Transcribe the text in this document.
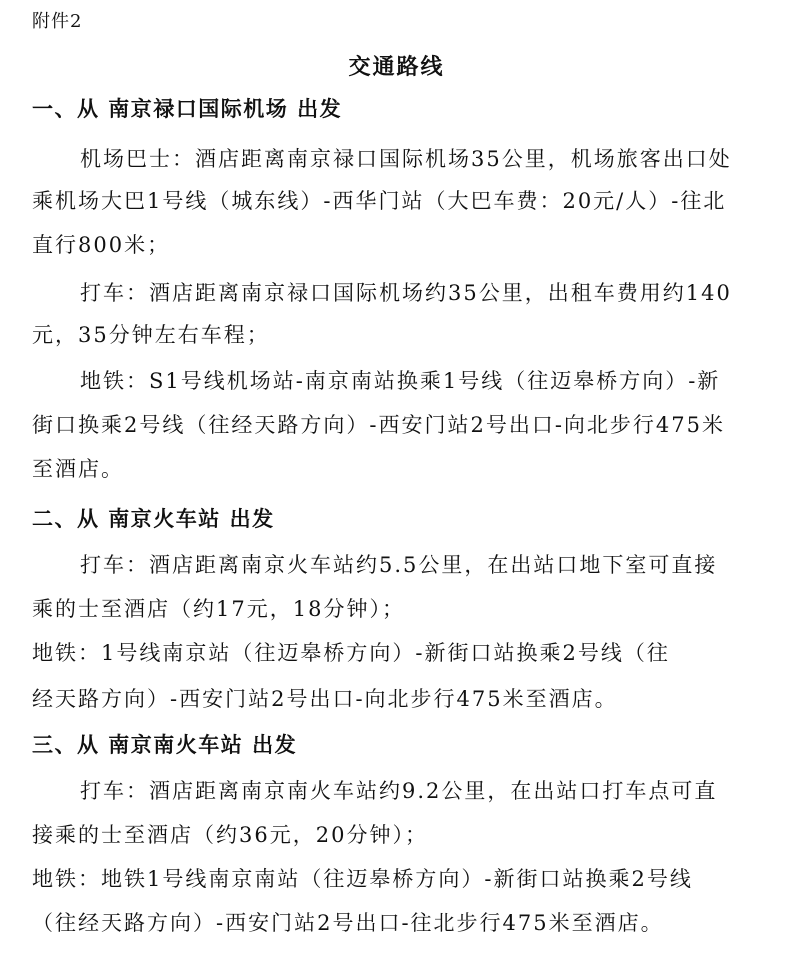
附件2
交通路线
一、从 南京禄口国际机场 出发
机场巴士：酒店距离南京禄口国际机场35公里，机场旅客出口处
乘机场大巴1号线（城东线）-西华门站（大巴车费：20元/人）-往北
直行800米；
打车：酒店距离南京禄口国际机场约35公里，出租车费用约140
元，35分钟左右车程；
地铁：S1号线机场站-南京南站换乘1号线（往迈皋桥方向）-新
街口换乘2号线（往经天路方向）-西安门站2号出口-向北步行475米
至酒店。
二、从 南京火车站 出发
打车：酒店距离南京火车站约5.5公里，在出站口地下室可直接
乘的士至酒店（约17元，18分钟）；
地铁：1号线南京站（往迈皋桥方向）-新街口站换乘2号线（往
经天路方向）-西安门站2号出口-向北步行475米至酒店。
三、从 南京南火车站 出发
打车：酒店距离南京南火车站约9.2公里，在出站口打车点可直
接乘的士至酒店（约36元，20分钟）；
地铁：地铁1号线南京南站（往迈皋桥方向）-新街口站换乘2号线
（往经天路方向）-西安门站2号出口-往北步行475米至酒店。
